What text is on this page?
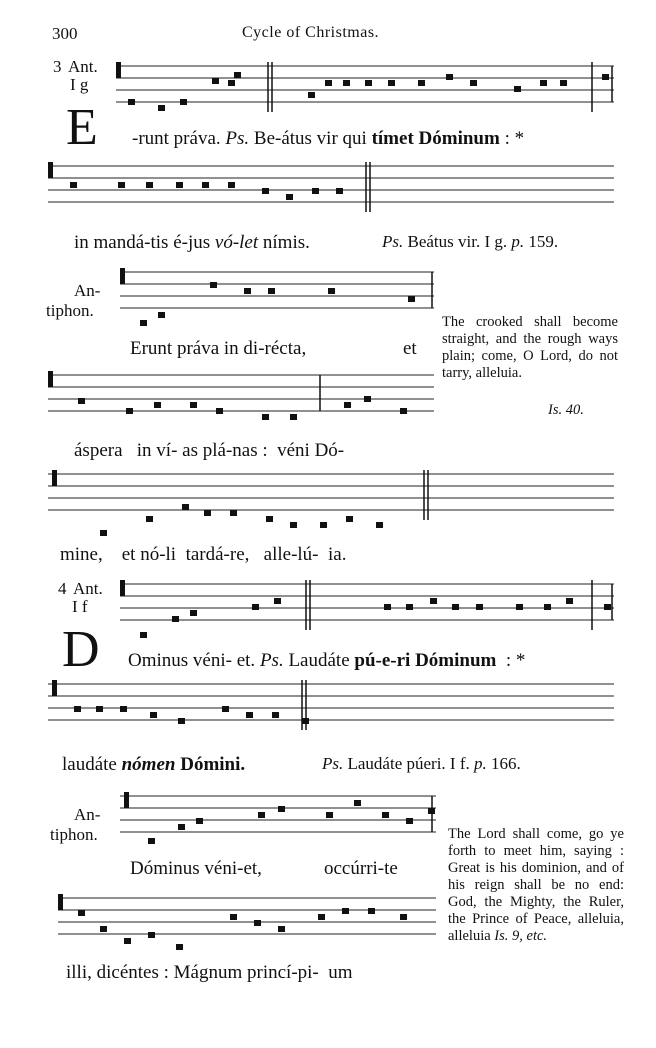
300	Cycle of Christmas.
3 Ant.
I g
E -runt práva. Ps. Be-átus vir qui tímet Dóminum : *
in mandá-tis é-jus vó-let nímis.	Ps. Beátus vir. I g. p. 159.
An-
tiphon.
Erunt práva in di-récta,	et
áspera   in ví- as plá-nas :  véni Dó-
mine,    et nó-li  tardá-re,   alle-lú-  ia.
The crooked shall become straight, and the rough ways plain; come, O Lord, do not tarry, alleluia.
Is. 40.
4 Ant.
I f
D Ominus véni- et. Ps. Laudáte pú-e-ri Dóminum  : *
laudáte nómen Dómini.	Ps. Laudáte púeri. I f. p. 166.
An-
tiphon.
Dóminus véni-et,	occúrri-te
illi, dicéntes : Mágnum princí-pi-  um
The Lord shall come, go ye forth to meet him, saying : Great is his dominion, and of his reign shall be no end: God, the Mighty, the Ruler, the Prince of Peace, alleluia, alleluia Is. 9, etc.
